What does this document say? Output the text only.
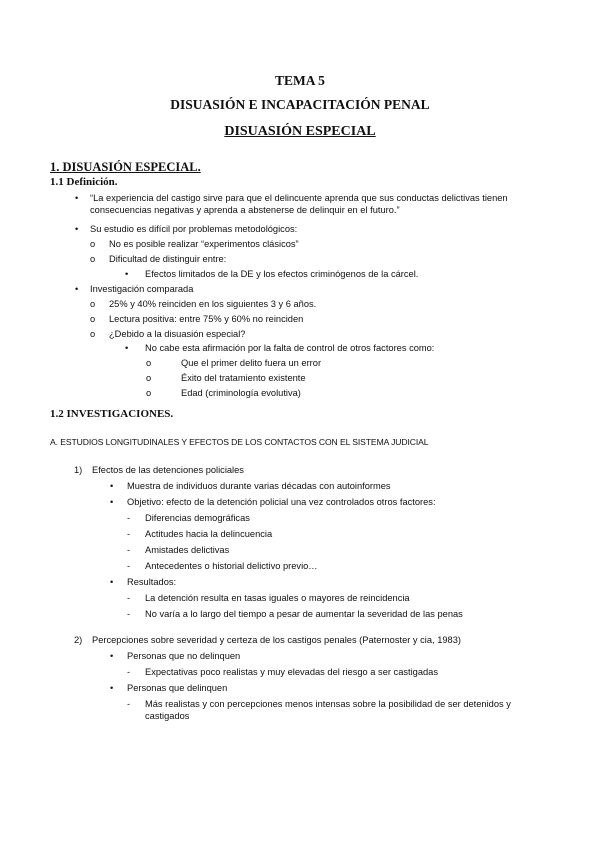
TEMA 5
DISUASIÓN E INCAPACITACIÓN PENAL
DISUASIÓN ESPECIAL
1. DISUASIÓN ESPECIAL.
1.1 Definición.
• “La experiencia del castigo sirve para que el delincuente aprenda que sus conductas delictivas tienen consecuencias negativas y aprenda a abstenerse de delinquir en el futuro.”
• Su estudio es difícil por problemas metodológicos:
o No es posible realizar “experimentos clásicos”
o Dificultad de distinguir entre:
• Efectos limitados de la DE y los efectos criminógenos de la cárcel.
• Investigación comparada
o 25% y 40% reinciden en los siguientes 3 y 6 años.
o Lectura positiva: entre 75% y 60% no reinciden
o ¿Debido a la disuasión especial?
• No cabe esta afirmación por la falta de control de otros factores como:
o	Que el primer delito fuera un error
o	Éxito del tratamiento existente
o	Edad (criminología evolutiva)
1.2 INVESTIGACIONES.
A. ESTUDIOS LONGITUDINALES Y EFECTOS DE LOS CONTACTOS CON EL SISTEMA JUDICIAL
1) Efectos de las detenciones policiales
• Muestra de individuos durante varias décadas con autoinformes
• Objetivo: efecto de la detención policial una vez controlados otros factores:
- Diferencias demográficas
- Actitudes hacia la delincuencia
- Amistades delictivas
- Antecedentes o historial delictivo previo…
• Resultados:
- La detención resulta en tasas iguales o mayores de reincidencia
- No varía a lo largo del tiempo a pesar de aumentar la severidad de las penas
2) Percepciones sobre severidad y certeza de los castigos penales (Paternoster y cia, 1983)
• Personas que no delinquen
- Expectativas poco realistas y muy elevadas del riesgo a ser castigadas
• Personas que delinquen
- Más realistas y con percepciones menos intensas sobre la posibilidad de ser detenidos y castigados
